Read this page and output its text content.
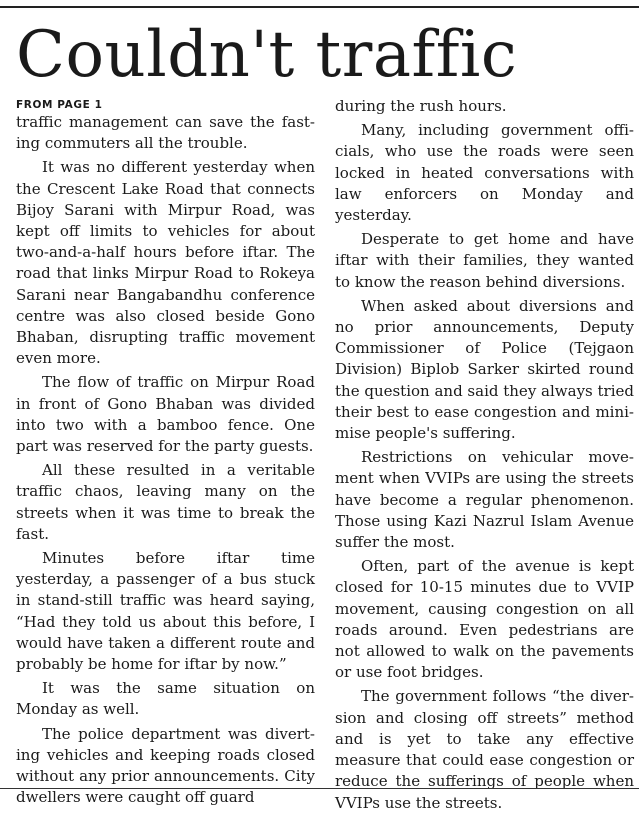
Couldn't traffic
FROM PAGE 1

traffic management can save the fast-ing commuters all the trouble.

It was no different yesterday when the Crescent Lake Road that connects Bijoy Sarani with Mirpur Road, was kept off limits to vehicles for about two-and-a-half hours before iftar. The road that links Mirpur Road to Rokeya Sarani near Bangabandhu conference centre was also closed beside Gono Bhaban, disrupting traffic movement even more.

The flow of traffic on Mirpur Road in front of Gono Bhaban was divided into two with a bamboo fence. One part was reserved for the party guests.

All these resulted in a veritable traffic chaos, leaving many on the streets when it was time to break the fast.

Minutes before iftar time yesterday, a passenger of a bus stuck in stand-still traffic was heard saying, “Had they told us about this before, I would have taken a different route and probably be home for iftar by now.”

It was the same situation on Monday as well.

The police department was divert-ing vehicles and keeping roads closed without any prior announcements. City dwellers were caught off guard

during the rush hours.

Many, including government offi-cials, who use the roads were seen locked in heated conversations with law enforcers on Monday and yesterday.

Desperate to get home and have iftar with their families, they wanted to know the reason behind diversions.

When asked about diversions and no prior announcements, Deputy Commissioner of Police (Tejgaon Division) Biplob Sarker skirted round the question and said they always tried their best to ease congestion and mini-mise people's suffering.

Restrictions on vehicular move-ment when VVIPs are using the streets have become a regular phenomenon. Those using Kazi Nazrul Islam Avenue suffer the most.

Often, part of the avenue is kept closed for 10-15 minutes due to VVIP movement, causing congestion on all roads around. Even pedestrians are not allowed to walk on the pavements or use foot bridges.

The government follows “the diver-sion and closing off streets” method and is yet to take any effective measure that could ease congestion or reduce the sufferings of people when VVIPs use the streets.
